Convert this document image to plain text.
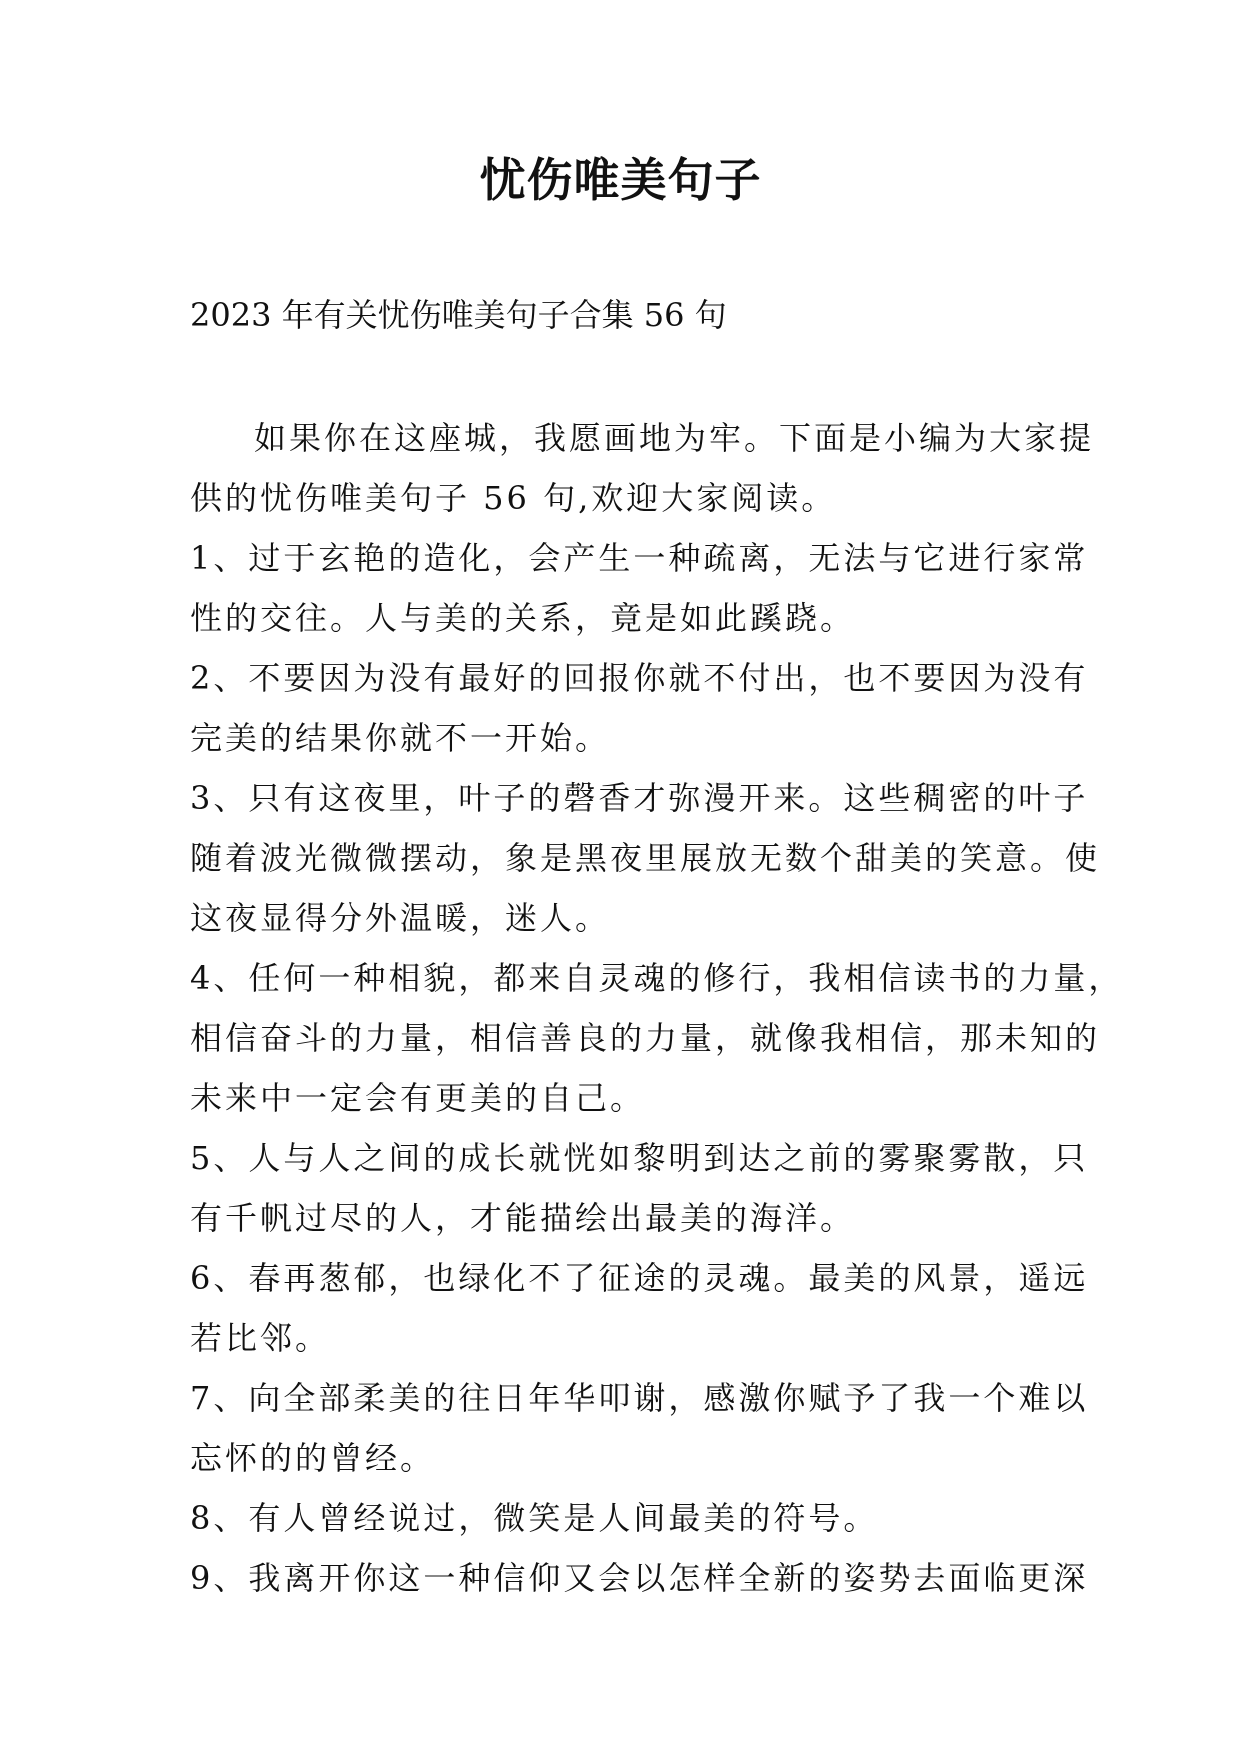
忧伤唯美句子

2023 年有关忧伤唯美句子合集 56 句

如果你在这座城，我愿画地为牢。下面是小编为大家提
供的忧伤唯美句子 56 句,欢迎大家阅读。
1、过于玄艳的造化，会产生一种疏离，无法与它进行家常
性的交往。人与美的关系，竟是如此蹊跷。
2、不要因为没有最好的回报你就不付出，也不要因为没有
完美的结果你就不一开始。
3、只有这夜里，叶子的磬香才弥漫开来。这些稠密的叶子
随着波光微微摆动，象是黑夜里展放无数个甜美的笑意。使
这夜显得分外温暖，迷人。
4、任何一种相貌，都来自灵魂的修行，我相信读书的力量，
相信奋斗的力量，相信善良的力量，就像我相信，那未知的
未来中一定会有更美的自己。
5、人与人之间的成长就恍如黎明到达之前的雾聚雾散，只
有千帆过尽的人，才能描绘出最美的海洋。
6、春再葱郁，也绿化不了征途的灵魂。最美的风景，遥远
若比邻。
7、向全部柔美的往日年华叩谢，感激你赋予了我一个难以
忘怀的的曾经。
8、有人曾经说过，微笑是人间最美的符号。
9、我离开你这一种信仰又会以怎样全新的姿势去面临更深
